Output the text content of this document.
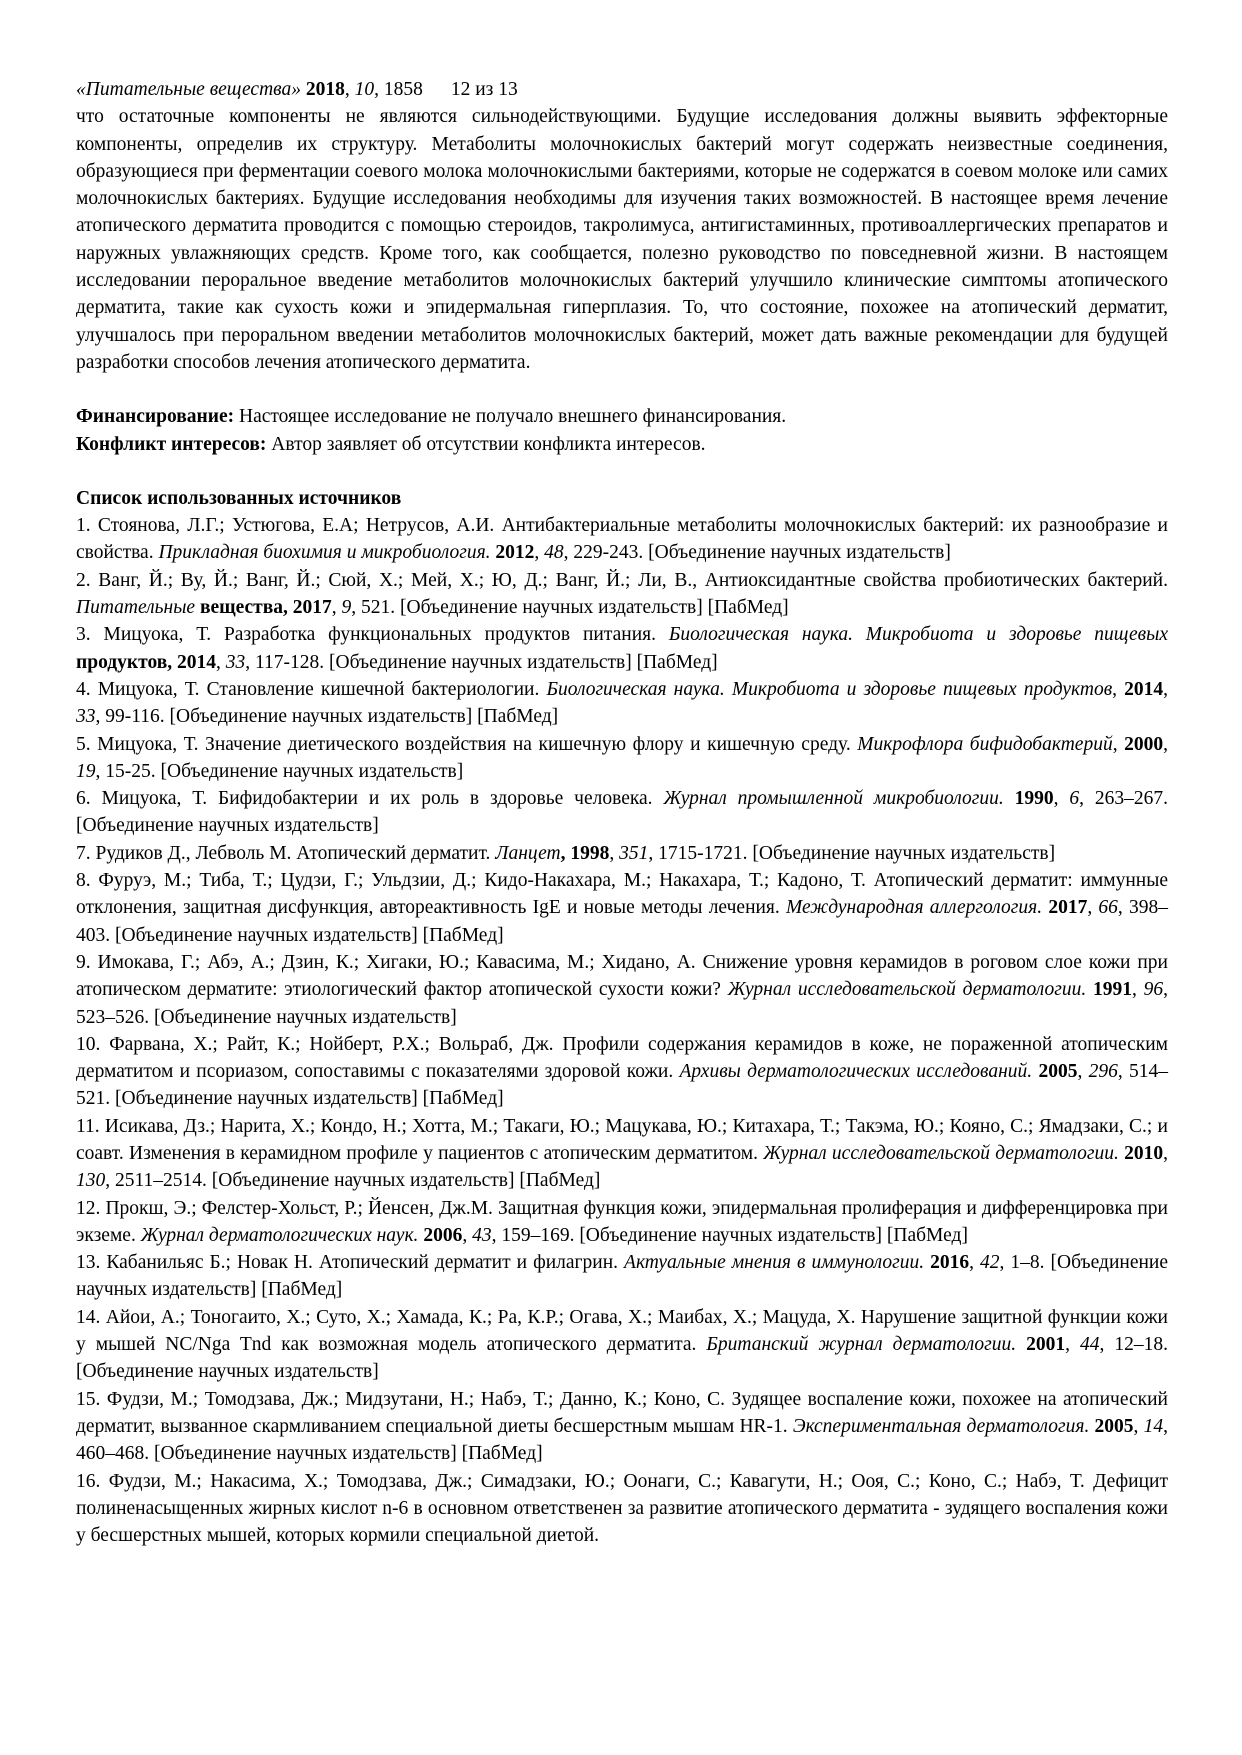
«Питательные вещества» 2018, 10, 1858 12 из 13

что остаточные компоненты не являются сильнодействующими. Будущие исследования должны выявить эффекторные компоненты, определив их структуру. Метаболиты молочнокислых бактерий могут содержать неизвестные соединения, образующиеся при ферментации соевого молока молочнокислыми бактериями, которые не содержатся в соевом молоке или самих молочнокислых бактериях. Будущие исследования необходимы для изучения таких возможностей. В настоящее время лечение атопического дерматита проводится с помощью стероидов, такролимуса, антигистаминных, противоаллергических препаратов и наружных увлажняющих средств. Кроме того, как сообщается, полезно руководство по повседневной жизни. В настоящем исследовании пероральное введение метаболитов молочнокислых бактерий улучшило клинические симптомы атопического дерматита, такие как сухость кожи и эпидермальная гиперплазия. То, что состояние, похожее на атопический дерматит, улучшалось при пероральном введении метаболитов молочнокислых бактерий, может дать важные рекомендации для будущей разработки способов лечения атопического дерматита.

Финансирование: Настоящее исследование не получало внешнего финансирования.

Конфликт интересов: Автор заявляет об отсутствии конфликта интересов.

Список использованных источников

1. Стоянова, Л.Г.; Устюгова, Е.А; Нетрусов, А.И. Антибактериальные метаболиты молочнокислых бактерий: их разнообразие и свойства. Прикладная биохимия и микробиология. 2012, 48, 229-243. [Объединение научных издательств]

2. Ванг, Й.; Ву, Й.; Ванг, Й.; Сюй, Х.; Мей, Х.; Ю, Д.; Ванг, Й.; Ли, В., Антиоксидантные свойства пробиотических бактерий. Питательные вещества, 2017, 9, 521. [Объединение научных издательств] [ПабМед]

3. Мицуока, Т. Разработка функциональных продуктов питания. Биологическая наука. Микробиота и здоровье пищевых продуктов, 2014, 33, 117-128. [Объединение научных издательств] [ПабМед]

4. Мицуока, Т. Становление кишечной бактериологии. Биологическая наука. Микробиота и здоровье пищевых продуктов, 2014, 33, 99-116. [Объединение научных издательств] [ПабМед]

5. Мицуока, Т. Значение диетического воздействия на кишечную флору и кишечную среду. Микрофлора бифидобактерий, 2000, 19, 15-25. [Объединение научных издательств]

6. Мицуока, Т. Бифидобактерии и их роль в здоровье человека. Журнал промышленной микробиологии. 1990, 6, 263–267. [Объединение научных издательств]

7. Рудиков Д., Лебволь М. Атопический дерматит. Ланцет, 1998, 351, 1715-1721. [Объединение научных издательств]

8. Фуруэ, М.; Тиба, Т.; Цудзи, Г.; Ульдзии, Д.; Кидо-Накахара, М.; Накахара, Т.; Кадоно, Т. Атопический дерматит: иммунные отклонения, защитная дисфункция, автореактивность IgE и новые методы лечения. Международная аллергология. 2017, 66, 398–403. [Объединение научных издательств] [ПабМед]

9. Имокава, Г.; Абэ, А.; Дзин, К.; Хигаки, Ю.; Кавасима, М.; Хидано, А. Снижение уровня керамидов в роговом слое кожи при атопическом дерматите: этиологический фактор атопической сухости кожи? Журнал исследовательской дерматологии. 1991, 96, 523–526. [Объединение научных издательств]

10. Фарвана, Х.; Райт, К.; Нойберт, Р.Х.; Вольраб, Дж. Профили содержания керамидов в коже, не пораженной атопическим дерматитом и псориазом, сопоставимы с показателями здоровой кожи. Архивы дерматологических исследований. 2005, 296, 514–521. [Объединение научных издательств] [ПабМед]

11. Исикава, Дз.; Нарита, Х.; Кондо, Н.; Хотта, М.; Такаги, Ю.; Мацукава, Ю.; Китахара, Т.; Такэма, Ю.; Кояно, С.; Ямадзаки, С.; и соавт. Изменения в керамидном профиле у пациентов с атопическим дерматитом. Журнал исследовательской дерматологии. 2010, 130, 2511–2514. [Объединение научных издательств] [ПабМед]

12. Прокш, Э.; Фелстер-Хольст, Р.; Йенсен, Дж.М. Защитная функция кожи, эпидермальная пролиферация и дифференцировка при экземе. Журнал дерматологических наук. 2006, 43, 159–169. [Объединение научных издательств] [ПабМед]

13. Кабанильяс Б.; Новак Н. Атопический дерматит и филагрин. Актуальные мнения в иммунологии. 2016, 42, 1–8. [Объединение научных издательств] [ПабМед]

14. Айои, А.; Тоногаито, Х.; Суто, Х.; Хамада, К.; Ра, К.Р.; Огава, Х.; Маибах, Х.; Мацуда, Х. Нарушение защитной функции кожи у мышей NC/Nga Tnd как возможная модель атопического дерматита. Британский журнал дерматологии. 2001, 44, 12–18. [Объединение научных издательств]

15. Фудзи, М.; Томодзава, Дж.; Мидзутани, Н.; Набэ, Т.; Данно, К.; Коно, С. Зудящее воспаление кожи, похожее на атопический дерматит, вызванное скармливанием специальной диеты бесшерстным мышам HR-1. Экспериментальная дерматология. 2005, 14, 460–468. [Объединение научных издательств] [ПабМед]

16. Фудзи, М.; Накасима, Х.; Томодзава, Дж.; Симадзаки, Ю.; Оонаги, С.; Кавагути, Н.; Ооя, С.; Коно, С.; Набэ, Т. Дефицит полиненасыщенных жирных кислот n-6 в основном ответственен за развитие атопического дерматита - зудящего воспаления кожи у бесшерстных мышей, которых кормили специальной диетой.
